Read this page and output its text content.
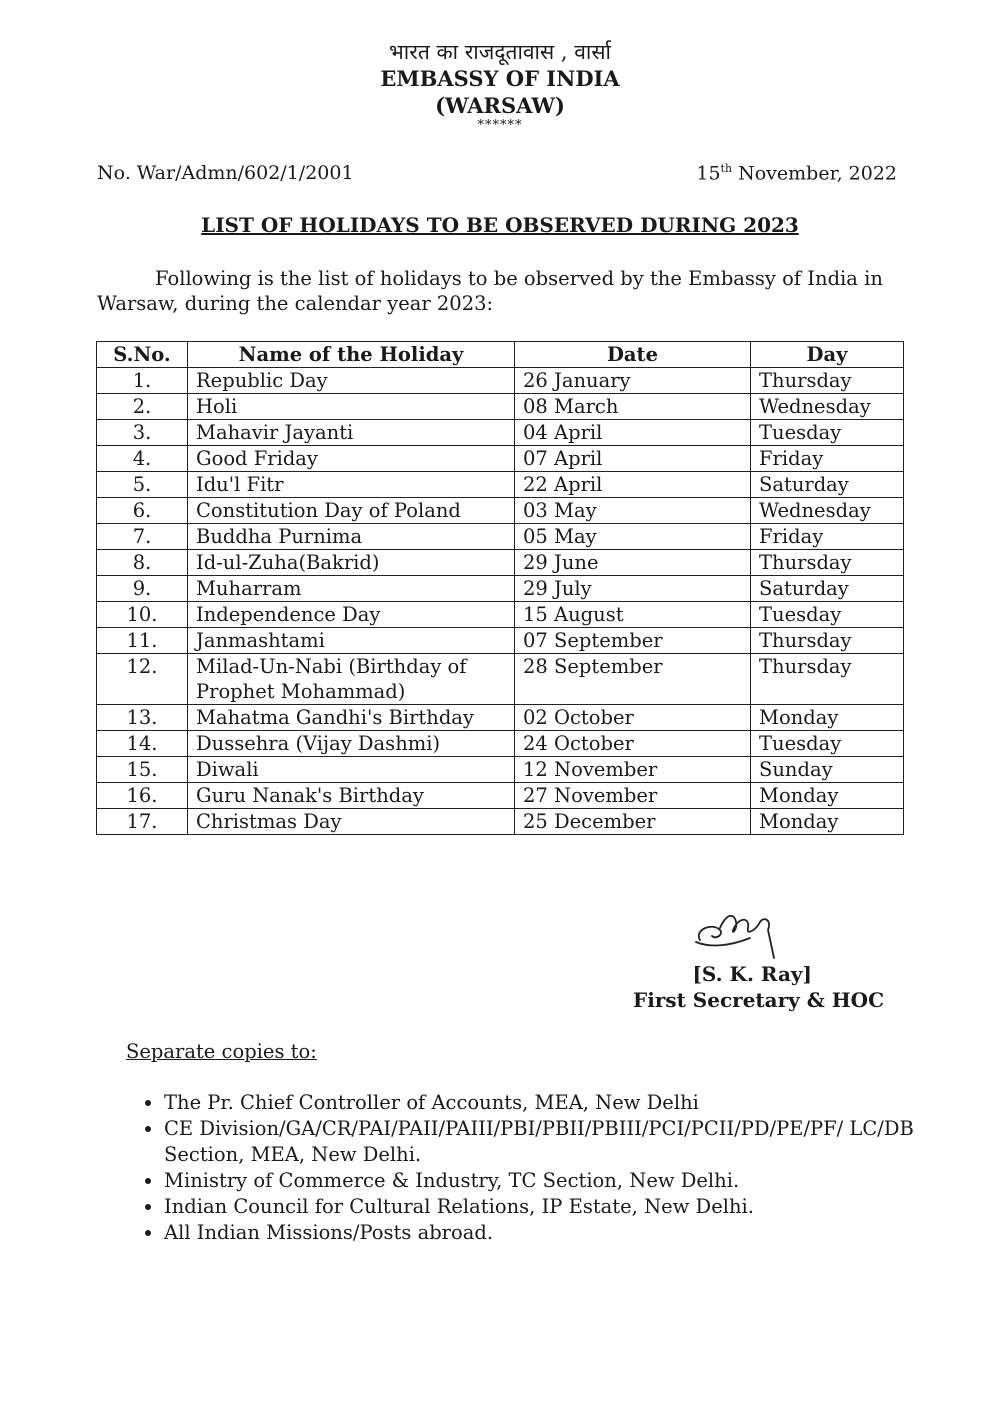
भारत का राजदूतावास , वार्सा
EMBASSY OF INDIA
(WARSAW)
******
No. War/Admn/602/1/2001	15th November, 2022
LIST OF HOLIDAYS TO BE OBSERVED DURING 2023
Following is the list of holidays to be observed by the Embassy of India in Warsaw, during the calendar year 2023:
S.No.	Name of the Holiday	Date	Day
1.	Republic Day	26 January	Thursday
2.	Holi	08 March	Wednesday
3.	Mahavir Jayanti	04 April	Tuesday
4.	Good Friday	07 April	Friday
5.	Idu'l Fitr	22 April	Saturday
6.	Constitution Day of Poland	03 May	Wednesday
7.	Buddha Purnima	05 May	Friday
8.	Id-ul-Zuha(Bakrid)	29 June	Thursday
9.	Muharram	29 July	Saturday
10.	Independence Day	15 August	Tuesday
11.	Janmashtami	07 September	Thursday
12.	Milad-Un-Nabi (Birthday of Prophet Mohammad)	28 September	Thursday
13.	Mahatma Gandhi's Birthday	02 October	Monday
14.	Dussehra (Vijay Dashmi)	24 October	Tuesday
15.	Diwali	12 November	Sunday
16.	Guru Nanak's Birthday	27 November	Monday
17.	Christmas Day	25 December	Monday
[S. K. Ray]
First Secretary & HOC
Separate copies to:
• The Pr. Chief Controller of Accounts, MEA, New Delhi
• CE Division/GA/CR/PAI/PAII/PAIII/PBI/PBII/PBIII/PCI/PCII/PD/PE/PF/ LC/DB Section, MEA, New Delhi.
• Ministry of Commerce & Industry, TC Section, New Delhi.
• Indian Council for Cultural Relations, IP Estate, New Delhi.
• All Indian Missions/Posts abroad.
